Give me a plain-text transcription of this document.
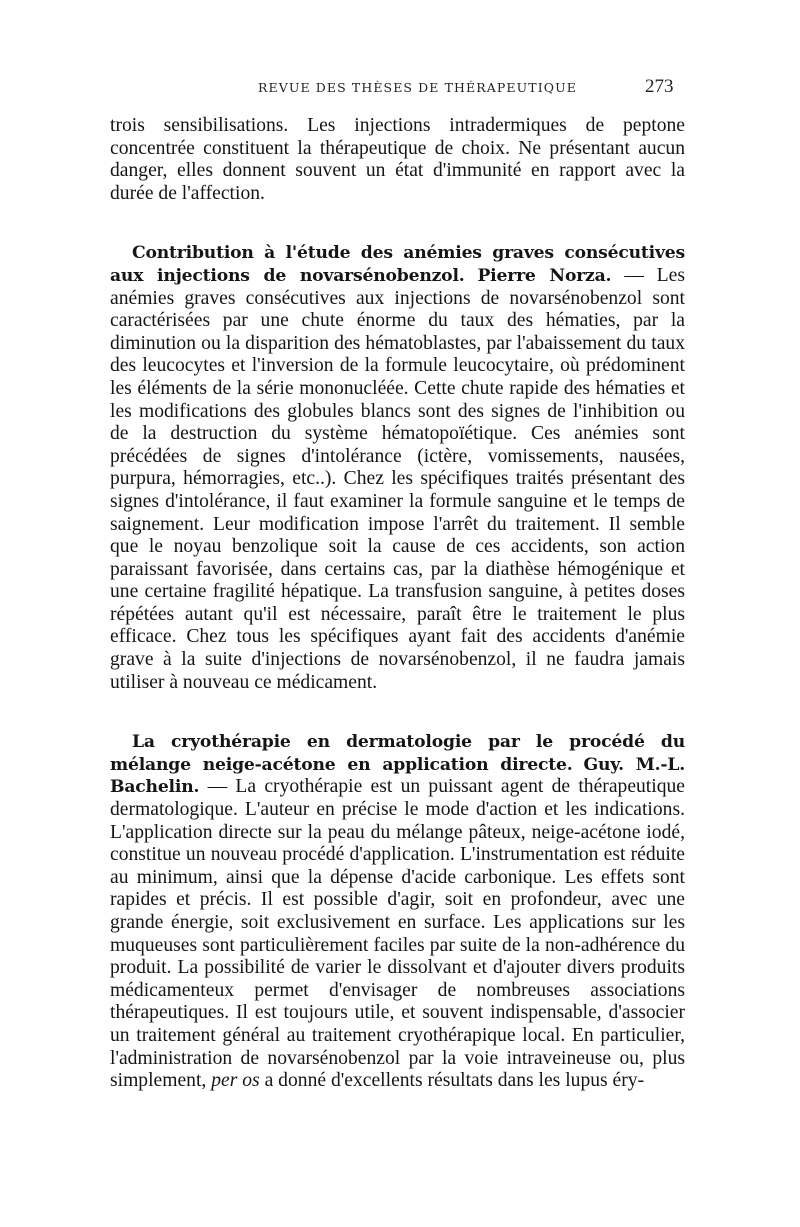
REVUE DES THÈSES DE THÉRAPEUTIQUE	273

trois sensibilisations. Les injections intradermiques de peptone concentrée constituent la thérapeutique de choix. Ne présentant aucun danger, elles donnent souvent un état d'immunité en rapport avec la durée de l'affection.

Contribution à l'étude des anémies graves consécutives aux injections de novarsénobenzol. Pierre Norza. — Les anémies graves consécutives aux injections de novarsénobenzol sont caractérisées par une chute énorme du taux des hématies, par la diminution ou la disparition des hématoblastes, par l'abaissement du taux des leucocytes et l'inversion de la formule leucocytaire, où prédominent les éléments de la série mononucléée. Cette chute rapide des hématies et les modifications des globules blancs sont des signes de l'inhibition ou de la destruction du système hématopoïétique. Ces anémies sont précédées de signes d'intolérance (ictère, vomissements, nausées, purpura, hémorragies, etc..). Chez les spécifiques traités présentant des signes d'intolérance, il faut examiner la formule sanguine et le temps de saignement. Leur modification impose l'arrêt du traitement. Il semble que le noyau benzolique soit la cause de ces accidents, son action paraissant favorisée, dans certains cas, par la diathèse hémogénique et une certaine fragilité hépatique. La transfusion sanguine, à petites doses répétées autant qu'il est nécessaire, paraît être le traitement le plus efficace. Chez tous les spécifiques ayant fait des accidents d'anémie grave à la suite d'injections de novarsénobenzol, il ne faudra jamais utiliser à nouveau ce médicament.

La cryothérapie en dermatologie par le procédé du mélange neige-acétone en application directe. Guy. M.-L. Bachelin. — La cryothérapie est un puissant agent de thérapeutique dermatologique. L'auteur en précise le mode d'action et les indications. L'application directe sur la peau du mélange pâteux, neige-acétone iodé, constitue un nouveau procédé d'application. L'instrumentation est réduite au minimum, ainsi que la dépense d'acide carbonique. Les effets sont rapides et précis. Il est possible d'agir, soit en profondeur, avec une grande énergie, soit exclusivement en surface. Les applications sur les muqueuses sont particulièrement faciles par suite de la non-adhérence du produit. La possibilité de varier le dissolvant et d'ajouter divers produits médicamenteux permet d'envisager de nombreuses associations thérapeutiques. Il est toujours utile, et souvent indispensable, d'associer un traitement général au traitement cryothérapique local. En particulier, l'administration de novarsénobenzol par la voie intraveineuse ou, plus simplement, per os a donné d'excellents résultats dans les lupus éry-
